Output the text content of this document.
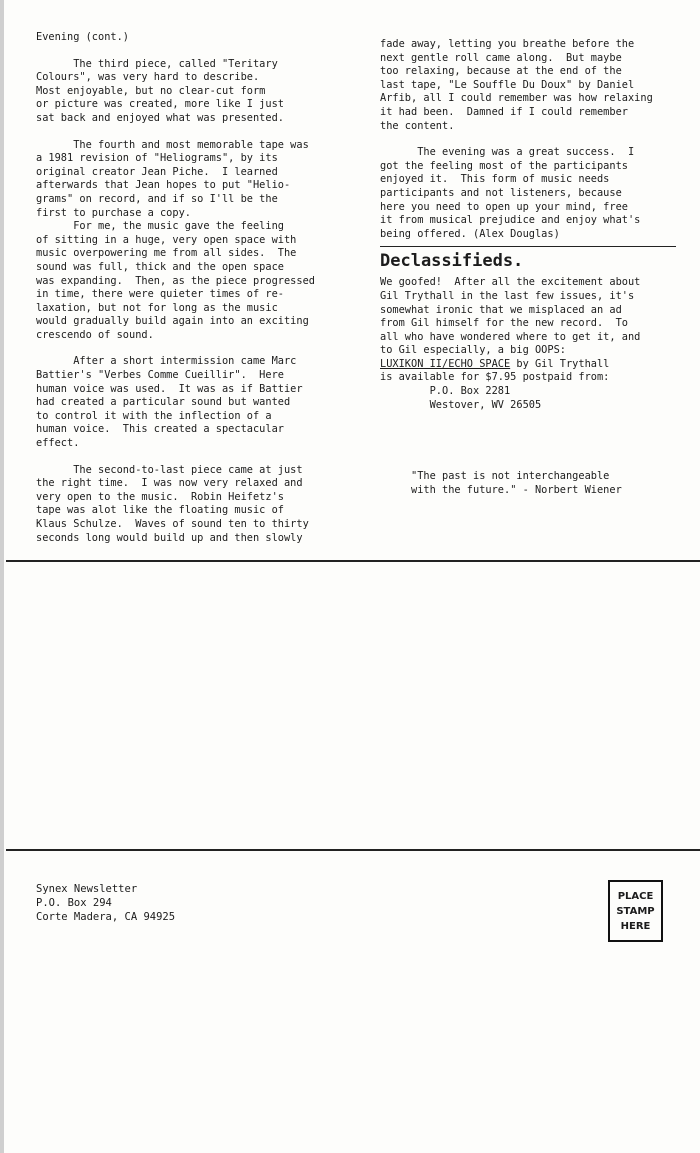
Evening (cont.)

The third piece, called "Teritary

Colours", was very hard to describe.

Most enjoyable, but no clear-cut form

or picture was created, more like I just

sat back and enjoyed what was presented.

The fourth and most memorable tape was

a 1981 revision of "Heliograms", by its

original creator Jean Piche.  I learned

afterwards that Jean hopes to put "Helio-

grams" on record, and if so I'll be the

first to purchase a copy.

For me, the music gave the feeling

of sitting in a huge, very open space with

music overpowering me from all sides.  The

sound was full, thick and the open space

was expanding.  Then, as the piece progressed

in time, there were quieter times of re-

laxation, but not for long as the music

would gradually build again into an exciting

crescendo of sound.

After a short intermission came Marc

Battier's "Verbes Comme Cueillir".  Here

human voice was used.  It was as if Battier

had created a particular sound but wanted

to control it with the inflection of a

human voice.  This created a spectacular

effect.

The second-to-last piece came at just

the right time.  I was now very relaxed and

very open to the music.  Robin Heifetz's

tape was alot like the floating music of

Klaus Schulze.  Waves of sound ten to thirty

seconds long would build up and then slowly

fade away, letting you breathe before the

next gentle roll came along.  But maybe

too relaxing, because at the end of the

last tape, "Le Souffle Du Doux" by Daniel

Arfib, all I could remember was how relaxing

it had been.  Damned if I could remember

the content.

The evening was a great success.  I

got the feeling most of the participants

enjoyed it.  This form of music needs

participants and not listeners, because

here you need to open up your mind, free

it from musical prejudice and enjoy what's

being offered. (Alex Douglas)

Declassifieds.

We goofed!  After all the excitement about

Gil Trythall in the last few issues, it's

somewhat ironic that we misplaced an ad

from Gil himself for the new record.  To

all who have wondered where to get it, and

to Gil especially, a big OOPS:

LUXIKON II/ECHO SPACE by Gil Trythall

is available for $7.95 postpaid from:

P.O. Box 2281

Westover, WV 26505

"The past is not interchangeable

with the future." - Norbert Wiener

Synex Newsletter

P.O. Box 294

Corte Madera, CA 94925

PLACE
STAMP
HERE
